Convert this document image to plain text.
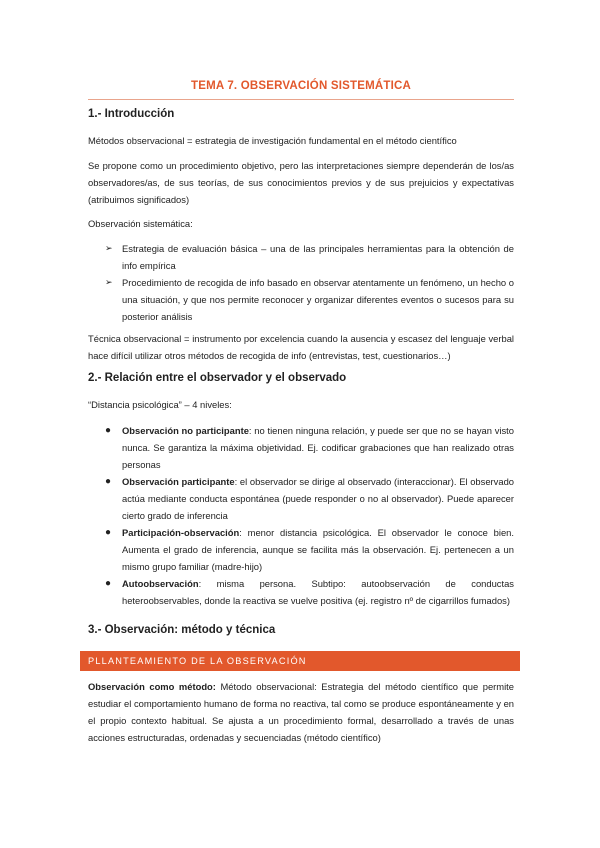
TEMA 7. OBSERVACIÓN SISTEMÁTICA
1.- Introducción
Métodos observacional = estrategia de investigación fundamental en el método científico
Se propone como un procedimiento objetivo, pero las interpretaciones siempre dependerán de los/as observadores/as, de sus teorías, de sus conocimientos previos y de sus prejuicios y expectativas (atribuimos significados)
Observación sistemática:
➢ Estrategia de evaluación básica – una de las principales herramientas para la obtención de info empírica
➢ Procedimiento de recogida de info basado en observar atentamente un fenómeno, un hecho o una situación, y que nos permite reconocer y organizar diferentes eventos o sucesos para su posterior análisis
Técnica observacional = instrumento por excelencia cuando la ausencia y escasez del lenguaje verbal hace difícil utilizar otros métodos de recogida de info (entrevistas, test, cuestionarios…)
2.- Relación entre el observador y el observado
“Distancia psicológica” – 4 niveles:
● Observación no participante: no tienen ninguna relación, y puede ser que no se hayan visto nunca. Se garantiza la máxima objetividad. Ej. codificar grabaciones que han realizado otras personas
● Observación participante: el observador se dirige al observado (interaccionar). El observado actúa mediante conducta espontánea (puede responder o no al observador). Puede aparecer cierto grado de inferencia
● Participación-observación: menor distancia psicológica. El observador le conoce bien. Aumenta el grado de inferencia, aunque se facilita más la observación. Ej. pertenecen a un mismo grupo familiar (madre-hijo)
● Autoobservación: misma persona. Subtipo: autoobservación de conductas heteroobservables, donde la reactiva se vuelve positiva (ej. registro nº de cigarrillos fumados)
3.- Observación: método y técnica
PLLANTEAMIENTO DE LA OBSERVACIÓN
Observación como método: Método observacional: Estrategia del método científico que permite estudiar el comportamiento humano de forma no reactiva, tal como se produce espontáneamente y en el propio contexto habitual. Se ajusta a un procedimiento formal, desarrollado a través de unas acciones estructuradas, ordenadas y secuenciadas (método científico)
